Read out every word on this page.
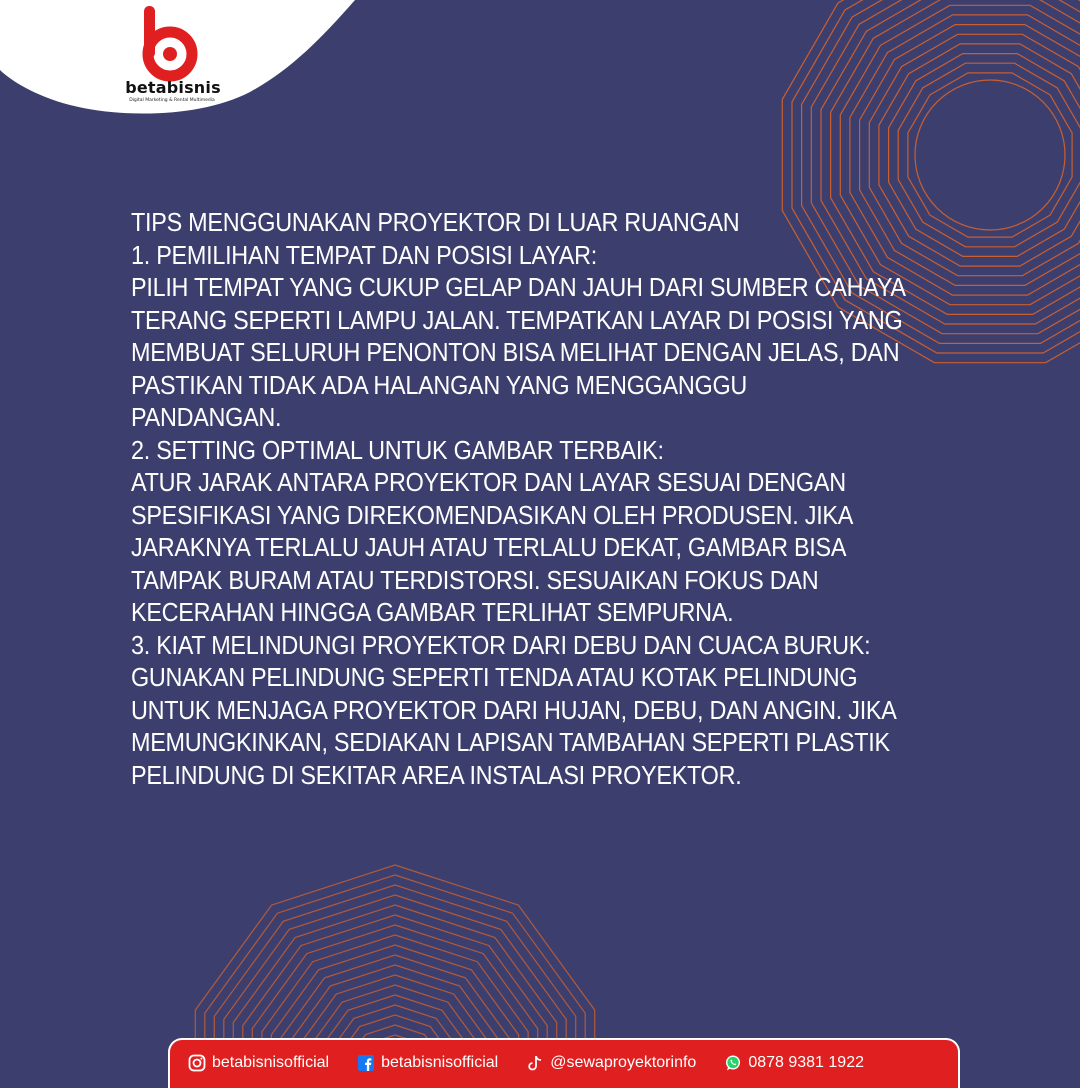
betabisnis
Digital Marketing & Rental Multimedia

TIPS MENGGUNAKAN PROYEKTOR DI LUAR RUANGAN

1. PEMILIHAN TEMPAT DAN POSISI LAYAR:

PILIH TEMPAT YANG CUKUP GELAP DAN JAUH DARI SUMBER CAHAYA

TERANG SEPERTI LAMPU JALAN. TEMPATKAN LAYAR DI POSISI YANG

MEMBUAT SELURUH PENONTON BISA MELIHAT DENGAN JELAS, DAN

PASTIKAN TIDAK ADA HALANGAN YANG MENGGANGGU

PANDANGAN.

2. SETTING OPTIMAL UNTUK GAMBAR TERBAIK:

ATUR JARAK ANTARA PROYEKTOR DAN LAYAR SESUAI DENGAN

SPESIFIKASI YANG DIREKOMENDASIKAN OLEH PRODUSEN. JIKA

JARAKNYA TERLALU JAUH ATAU TERLALU DEKAT, GAMBAR BISA

TAMPAK BURAM ATAU TERDISTORSI. SESUAIKAN FOKUS DAN

KECERAHAN HINGGA GAMBAR TERLIHAT SEMPURNA.

3. KIAT MELINDUNGI PROYEKTOR DARI DEBU DAN CUACA BURUK:

GUNAKAN PELINDUNG SEPERTI TENDA ATAU KOTAK PELINDUNG

UNTUK MENJAGA PROYEKTOR DARI HUJAN, DEBU, DAN ANGIN. JIKA

MEMUNGKINKAN, SEDIAKAN LAPISAN TAMBAHAN SEPERTI PLASTIK

PELINDUNG DI SEKITAR AREA INSTALASI PROYEKTOR.

betabisnisofficial	betabisnisofficial	@sewaproyektorinfo	0878 9381 1922
